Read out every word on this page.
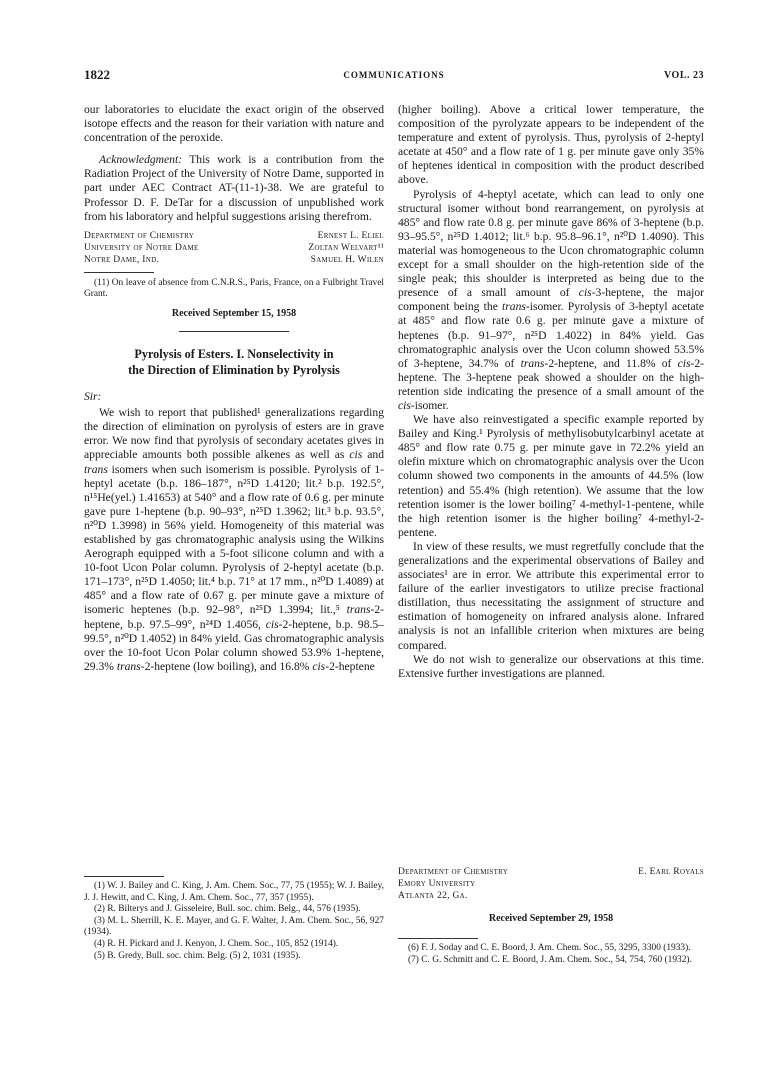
1822	COMMUNICATIONS	VOL. 23

our laboratories to elucidate the exact origin of the observed isotope effects and the reason for their variation with nature and concentration of the peroxide.

Acknowledgment: This work is a contribution from the Radiation Project of the University of Notre Dame, supported in part under AEC Contract AT-(11-1)-38. We are grateful to Professor D. F. DeTar for a discussion of unpublished work from his laboratory and helpful suggestions arising therefrom.

Department of Chemistry	Ernest L. Eliel
University of Notre Dame	Zoltan Welvart¹¹
Notre Dame, Ind.	Samuel H. Wilen

(11) On leave of absence from C.N.R.S., Paris, France, on a Fulbright Travel Grant.

Received September 15, 1958

Pyrolysis of Esters. I. Nonselectivity in
the Direction of Elimination by Pyrolysis

Sir:

We wish to report that published¹ generalizations regarding the direction of elimination on pyrolysis of esters are in grave error. We now find that pyrolysis of secondary acetates gives in appreciable amounts both possible alkenes as well as cis and trans isomers when such isomerism is possible. Pyrolysis of 1-heptyl acetate (b.p. 186–187°, n²⁵D 1.4120; lit.² b.p. 192.5°, n¹⁵He(yel.) 1.41653) at 540° and a flow rate of 0.6 g. per minute gave pure 1-heptene (b.p. 90–93°, n²⁵D 1.3962; lit.³ b.p. 93.5°, n²⁰D 1.3998) in 56% yield. Homogeneity of this material was established by gas chromatographic analysis using the Wilkins Aerograph equipped with a 5-foot silicone column and with a 10-foot Ucon Polar column. Pyrolysis of 2-heptyl acetate (b.p. 171–173°, n²⁵D 1.4050; lit.⁴ b.p. 71° at 17 mm., n²⁰D 1.4089) at 485° and a flow rate of 0.67 g. per minute gave a mixture of isomeric heptenes (b.p. 92–98°, n²⁵D 1.3994; lit.,⁵ trans-2-heptene, b.p. 97.5–99°, n²⁴D 1.4056, cis-2-heptene, b.p. 98.5–99.5°, n²⁰D 1.4052) in 84% yield. Gas chromatographic analysis over the 10-foot Ucon Polar column showed 53.9% 1-heptene, 29.3% trans-2-heptene (low boiling), and 16.8% cis-2-heptene

(1) W. J. Bailey and C. King, J. Am. Chem. Soc., 77, 75 (1955); W. J. Bailey, J. J. Hewitt, and C. King, J. Am. Chem. Soc., 77, 357 (1955).

(2) R. Bilterys and J. Gisseleire, Bull. soc. chim. Belg., 44, 576 (1935).

(3) M. L. Sherrill, K. E. Mayer, and G. F. Walter, J. Am. Chem. Soc., 56, 927 (1934).

(4) R. H. Pickard and J. Kenyon, J. Chem. Soc., 105, 852 (1914).

(5) B. Gredy, Bull. soc. chim. Belg. (5) 2, 1031 (1935).

(higher boiling). Above a critical lower temperature, the composition of the pyrolyzate appears to be independent of the temperature and extent of pyrolysis. Thus, pyrolysis of 2-heptyl acetate at 450° and a flow rate of 1 g. per minute gave only 35% of heptenes identical in composition with the product described above.

Pyrolysis of 4-heptyl acetate, which can lead to only one structural isomer without bond rearrangement, on pyrolysis at 485° and flow rate 0.8 g. per minute gave 86% of 3-heptene (b.p. 93–95.5°, n²⁵D 1.4012; lit.⁶ b.p. 95.8–96.1°, n²⁰D 1.4090). This material was homogeneous to the Ucon chromatographic column except for a small shoulder on the high-retention side of the single peak; this shoulder is interpreted as being due to the presence of a small amount of cis-3-heptene, the major component being the trans-isomer. Pyrolysis of 3-heptyl acetate at 485° and flow rate 0.6 g. per minute gave a mixture of heptenes (b.p. 91–97°, n²⁵D 1.4022) in 84% yield. Gas chromatographic analysis over the Ucon column showed 53.5% of 3-heptene, 34.7% of trans-2-heptene, and 11.8% of cis-2-heptene. The 3-heptene peak showed a shoulder on the high-retention side indicating the presence of a small amount of the cis-isomer.

We have also reinvestigated a specific example reported by Bailey and King.¹ Pyrolysis of methylisobutylcarbinyl acetate at 485° and flow rate 0.75 g. per minute gave in 72.2% yield an olefin mixture which on chromatographic analysis over the Ucon column showed two components in the amounts of 44.5% (low retention) and 55.4% (high retention). We assume that the low retention isomer is the lower boiling⁷ 4-methyl-1-pentene, while the high retention isomer is the higher boiling⁷ 4-methyl-2-pentene.

In view of these results, we must regretfully conclude that the generalizations and the experimental observations of Bailey and associates¹ are in error. We attribute this experimental error to failure of the earlier investigators to utilize precise fractional distillation, thus necessitating the assignment of structure and estimation of homogeneity on infrared analysis alone. Infrared analysis is not an infallible criterion when mixtures are being compared.

We do not wish to generalize our observations at this time. Extensive further investigations are planned.

Department of Chemistry	E. Earl Royals
Emory University
Atlanta 22, Ga.

Received September 29, 1958

(6) F. J. Soday and C. E. Boord, J. Am. Chem. Soc., 55, 3295, 3300 (1933).

(7) C. G. Schmitt and C. E. Boord, J. Am. Chem. Soc., 54, 754, 760 (1932).
